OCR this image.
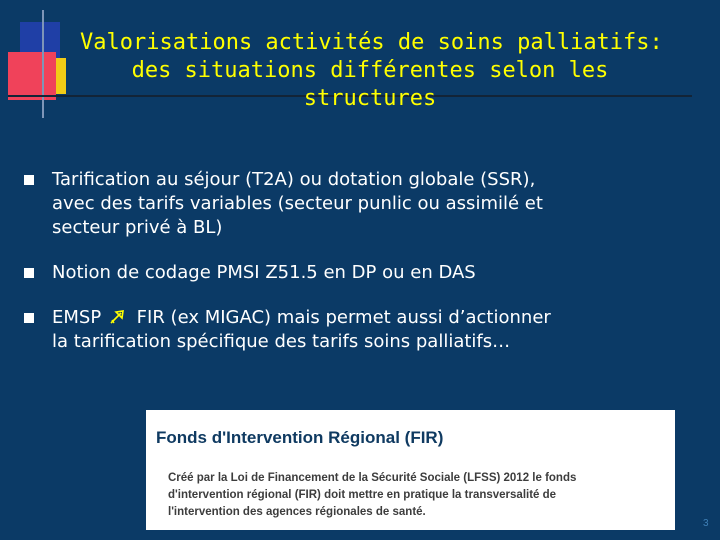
Valorisations activités de soins palliatifs:
des situations différentes selon les
structures
Tarification au séjour (T2A) ou dotation globale (SSR),
avec des tarifs variables (secteur punlic ou assimilé et
secteur privé à BL)
Notion de codage PMSI Z51.5 en DP ou en DAS
EMSP FIR (ex MIGAC) mais permet aussi d’actionner
la tarification spécifique des tarifs soins palliatifs…
Fonds d'Intervention Régional (FIR)
Créé par la Loi de Financement de la Sécurité Sociale (LFSS) 2012 le fonds
d'intervention régional (FIR) doit mettre en pratique la transversalité de
l'intervention des agences régionales de santé.
3
